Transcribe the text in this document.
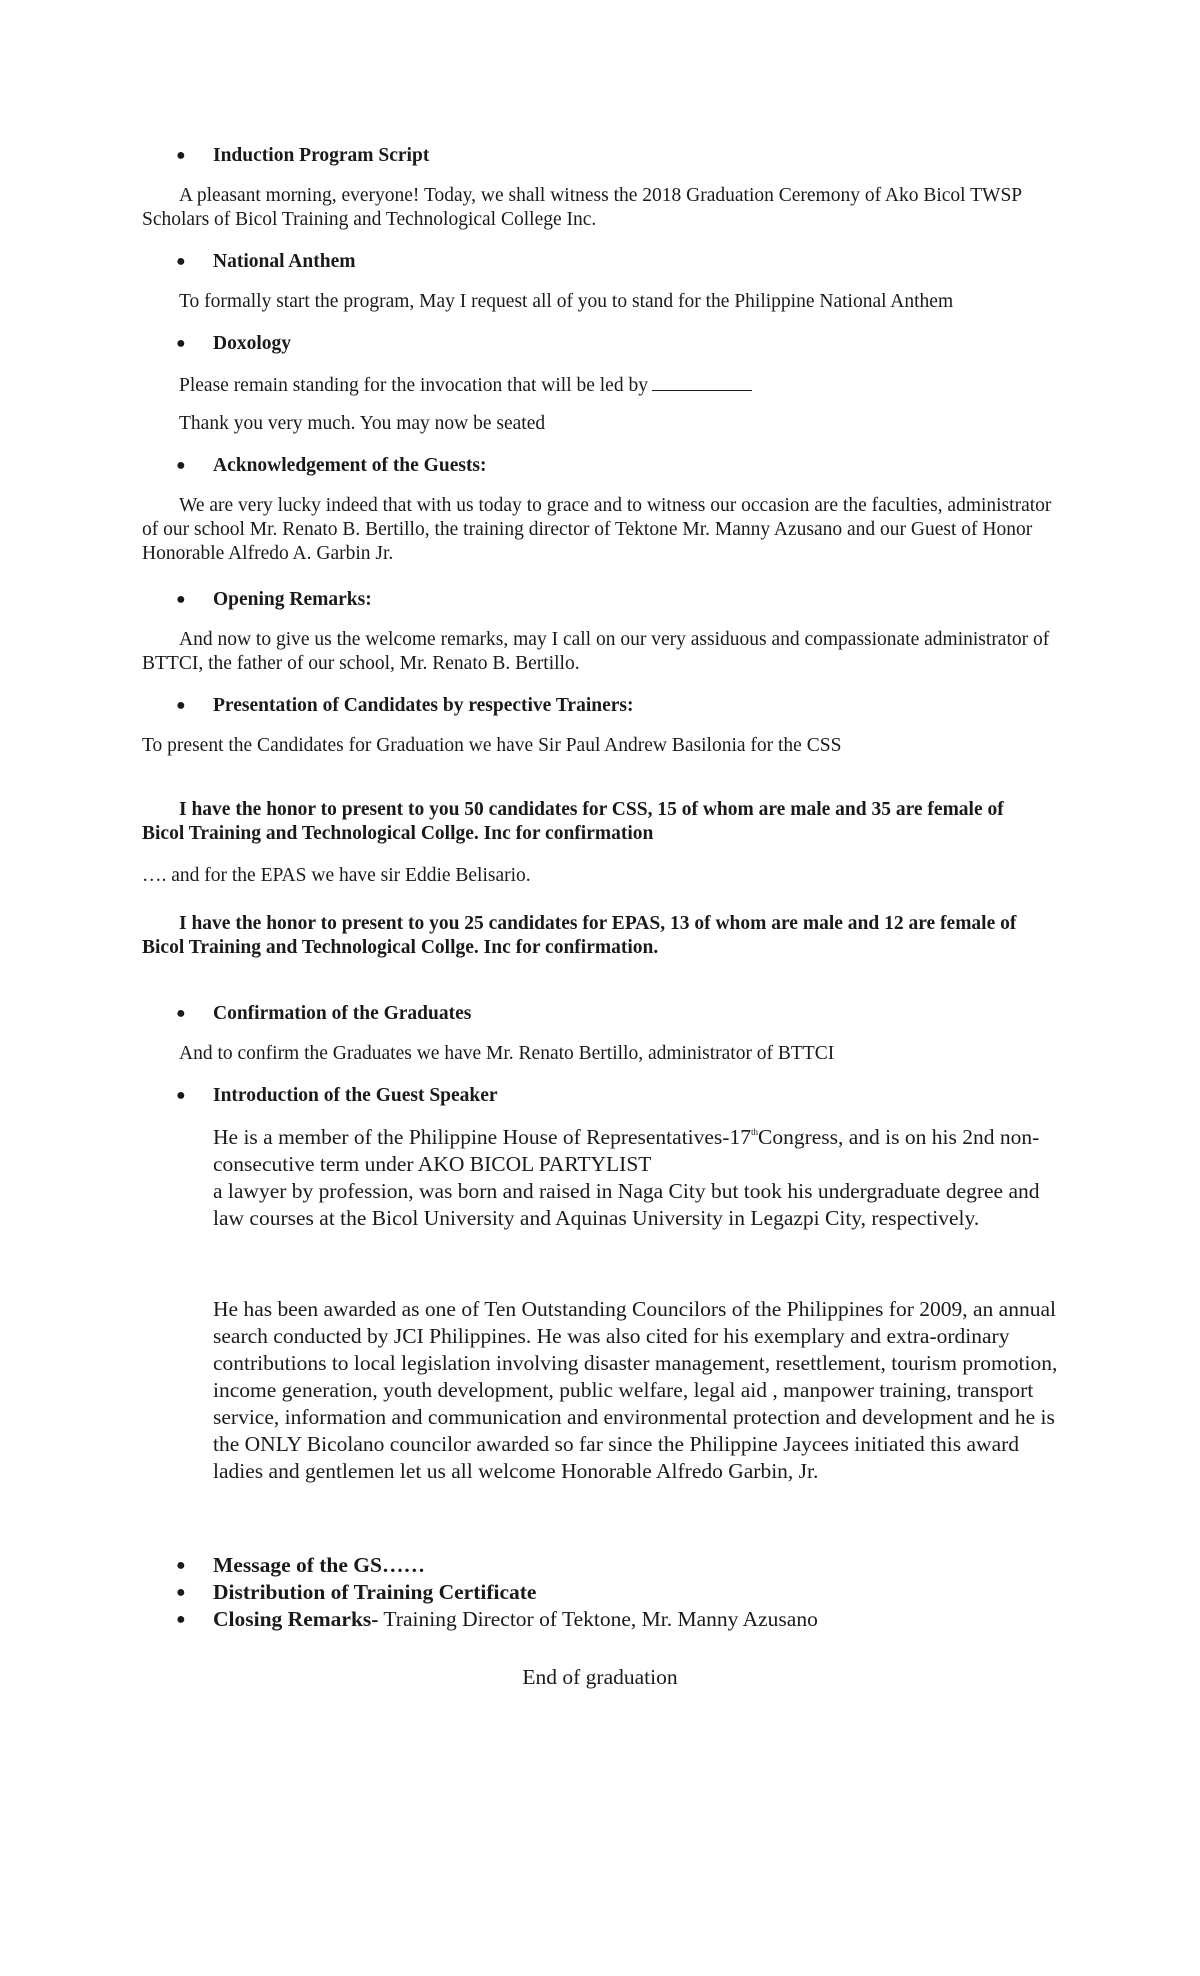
● Induction Program Script
A pleasant morning, everyone! Today, we shall witness the 2018 Graduation Ceremony of Ako Bicol TWSP Scholars of Bicol Training and Technological College Inc.
● National Anthem
To formally start the program, May I request all of you to stand for the Philippine National Anthem
● Doxology
Please remain standing for the invocation that will be led by
Thank you very much. You may now be seated
● Acknowledgement of the Guests:
We are very lucky indeed that with us today to grace and to witness our occasion are the faculties, administrator of our school Mr. Renato B. Bertillo, the training director of Tektone Mr. Manny Azusano and our Guest of Honor Honorable Alfredo A. Garbin Jr.
● Opening Remarks:
And now to give us the welcome remarks, may I call on our very assiduous and compassionate administrator of BTTCI, the father of our school, Mr. Renato B. Bertillo.
● Presentation of Candidates by respective Trainers:
To present the Candidates for Graduation we have Sir Paul Andrew Basilonia for the CSS
I have the honor to present to you 50 candidates for CSS, 15 of whom are male and 35 are female of Bicol Training and Technological Collge. Inc for confirmation
…. and for the EPAS we have sir Eddie Belisario.
I have the honor to present to you 25 candidates for EPAS, 13 of whom are male and 12 are female of Bicol Training and Technological Collge. Inc for confirmation.
● Confirmation of the Graduates
And to confirm the Graduates we have Mr. Renato Bertillo, administrator of BTTCI
● Introduction of the Guest Speaker
He is a member of the Philippine House of Representatives-17thCongress, and is on his 2nd non-consecutive term under AKO BICOL PARTYLIST
a lawyer by profession, was born and raised in Naga City but took his undergraduate degree and law courses at the Bicol University and Aquinas University in Legazpi City, respectively.
He has been awarded as one of Ten Outstanding Councilors of the Philippines for 2009, an annual search conducted by JCI Philippines. He was also cited for his exemplary and extra-ordinary contributions to local legislation involving disaster management, resettlement, tourism promotion, income generation, youth development, public welfare, legal aid , manpower training, transport service, information and communication and environmental protection and development and he is the ONLY Bicolano councilor awarded so far since the Philippine Jaycees initiated this award ladies and gentlemen let us all welcome Honorable Alfredo Garbin, Jr.
● Message of the GS……
● Distribution of Training Certificate
● Closing Remarks- Training Director of Tektone, Mr. Manny Azusano
End of graduation
